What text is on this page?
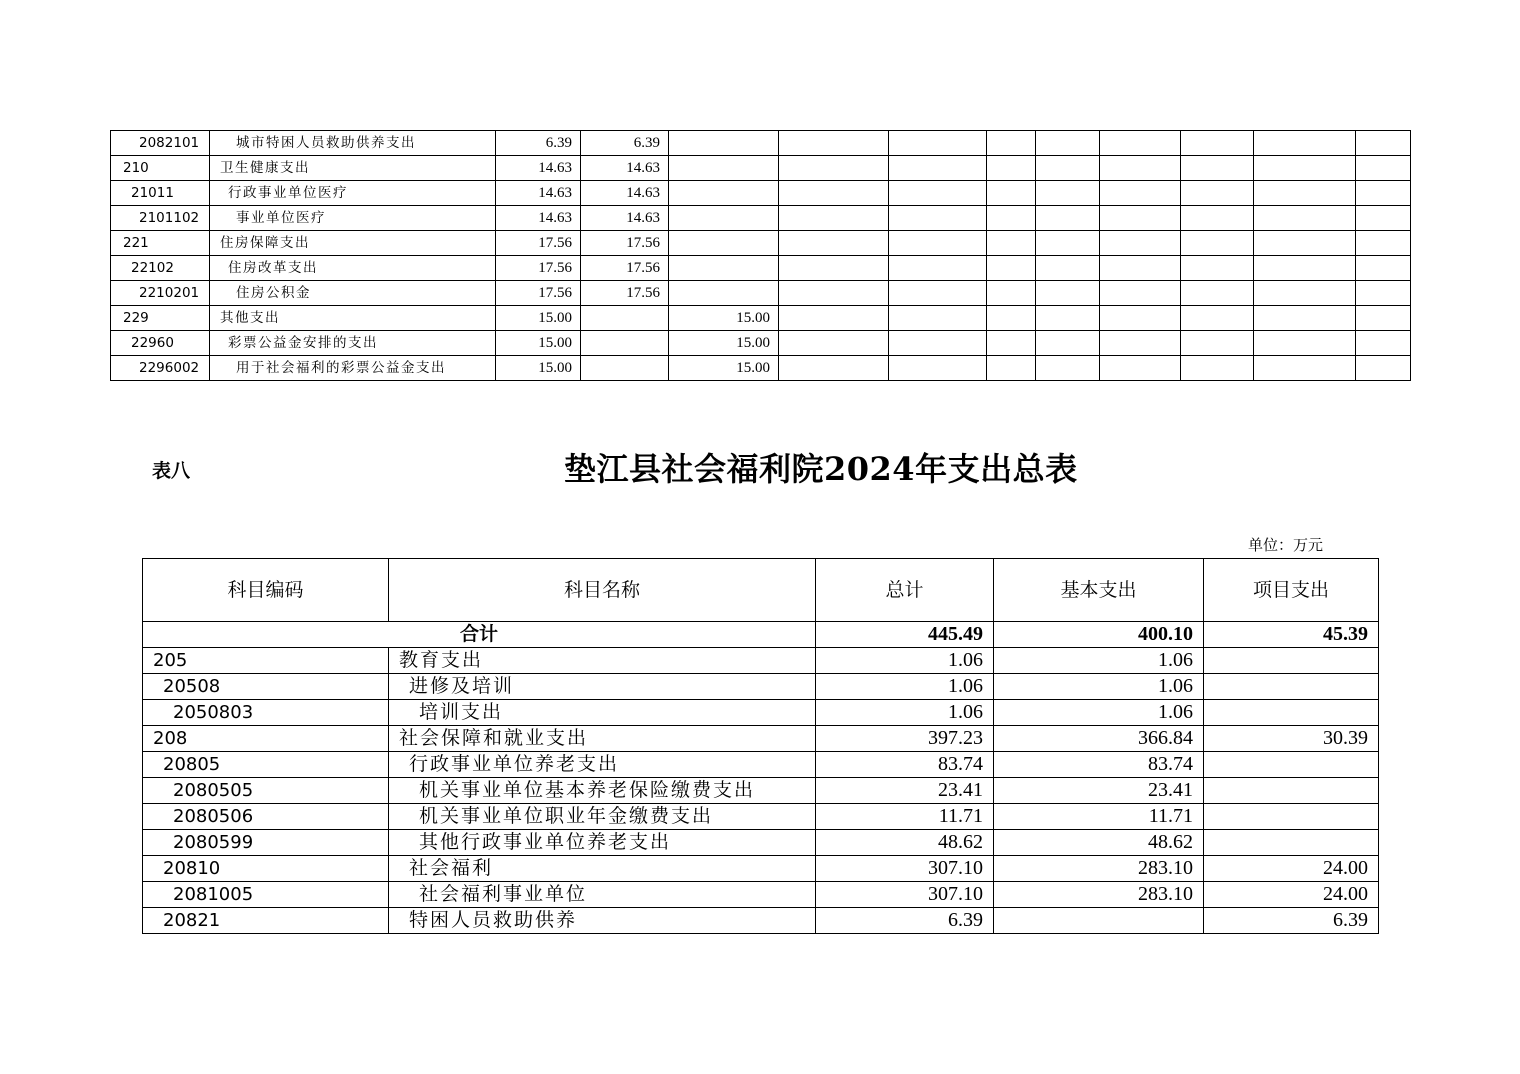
2082101	城市特困人员救助供养支出	6.39	6.39									
210	卫生健康支出	14.63	14.63									
21011	行政事业单位医疗	14.63	14.63									
2101102	事业单位医疗	14.63	14.63									
221	住房保障支出	17.56	17.56									
22102	住房改革支出	17.56	17.56									
2210201	住房公积金	17.56	17.56									
229	其他支出	15.00		15.00								
22960	彩票公益金安排的支出	15.00		15.00								
2296002	用于社会福利的彩票公益金支出	15.00		15.00								
表八	垫江县社会福利院2024年支出总表
单位：万元
科目编码	科目名称	总计	基本支出	项目支出
合计		445.49	400.10	45.39
205	教育支出	1.06	1.06	
20508	进修及培训	1.06	1.06	
2050803	培训支出	1.06	1.06	
208	社会保障和就业支出	397.23	366.84	30.39
20805	行政事业单位养老支出	83.74	83.74	
2080505	机关事业单位基本养老保险缴费支出	23.41	23.41	
2080506	机关事业单位职业年金缴费支出	11.71	11.71	
2080599	其他行政事业单位养老支出	48.62	48.62	
20810	社会福利	307.10	283.10	24.00
2081005	社会福利事业单位	307.10	283.10	24.00
20821	特困人员救助供养	6.39		6.39
